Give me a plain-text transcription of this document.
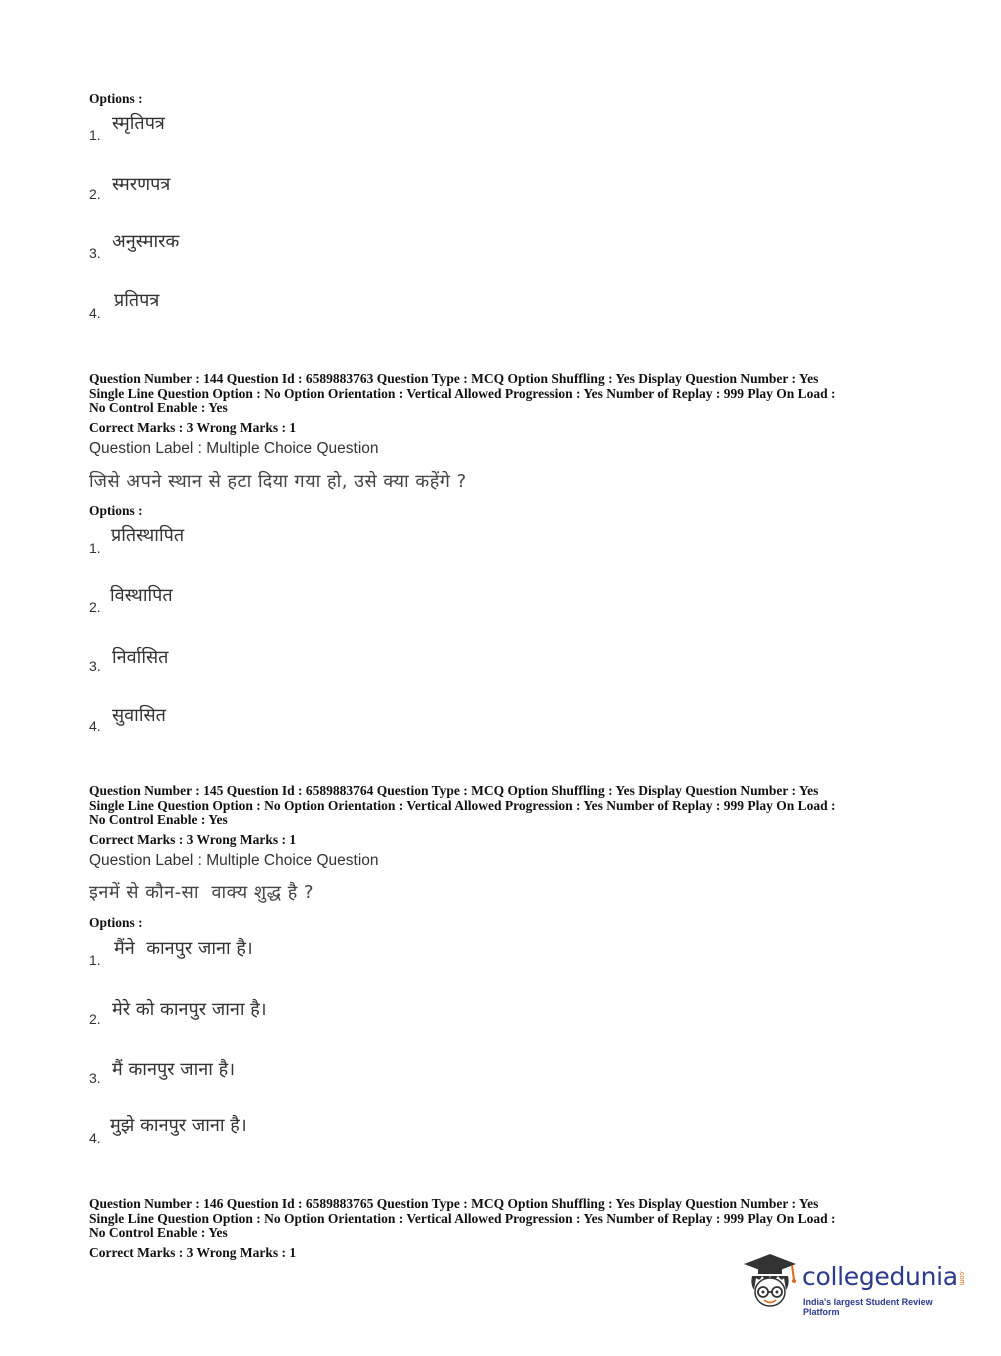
Options :
1.
स्मृतिपत्र
2. स्मरणपत्र
3.
अनुस्मारक
4.
प्रतिपत्र
Question Number : 144 Question Id : 6589883763 Question Type : MCQ Option Shuffling : Yes Display Question Number : Yes
Single Line Question Option : No Option Orientation : Vertical Allowed Progression : Yes Number of Replay : 999 Play On Load :
No Control Enable : Yes
Correct Marks : 3 Wrong Marks : 1
Question Label : Multiple Choice Question
जिसे अपने स्थान से हटा दिया गया हो, उसे क्या कहेंगे ?
Options :
1.
प्रतिस्थापित
2.
विस्थापित
3. निर्वासित
4. सुवासित
Question Number : 145 Question Id : 6589883764 Question Type : MCQ Option Shuffling : Yes Display Question Number : Yes
Single Line Question Option : No Option Orientation : Vertical Allowed Progression : Yes Number of Replay : 999 Play On Load :
No Control Enable : Yes
Correct Marks : 3 Wrong Marks : 1
Question Label : Multiple Choice Question
इनमें से कौन-सा  वाक्य शुद्ध है ?
Options :
1.
मैंने  कानपुर जाना है।
2. मेरे को कानपुर जाना है।
3. मैं कानपुर जाना है।
4.
मुझे कानपुर जाना है।
Question Number : 146 Question Id : 6589883765 Question Type : MCQ Option Shuffling : Yes Display Question Number : Yes
Single Line Question Option : No Option Orientation : Vertical Allowed Progression : Yes Number of Replay : 999 Play On Load :
No Control Enable : Yes
Correct Marks : 3 Wrong Marks : 1
collegedunia .com
India's largest Student Review Platform
